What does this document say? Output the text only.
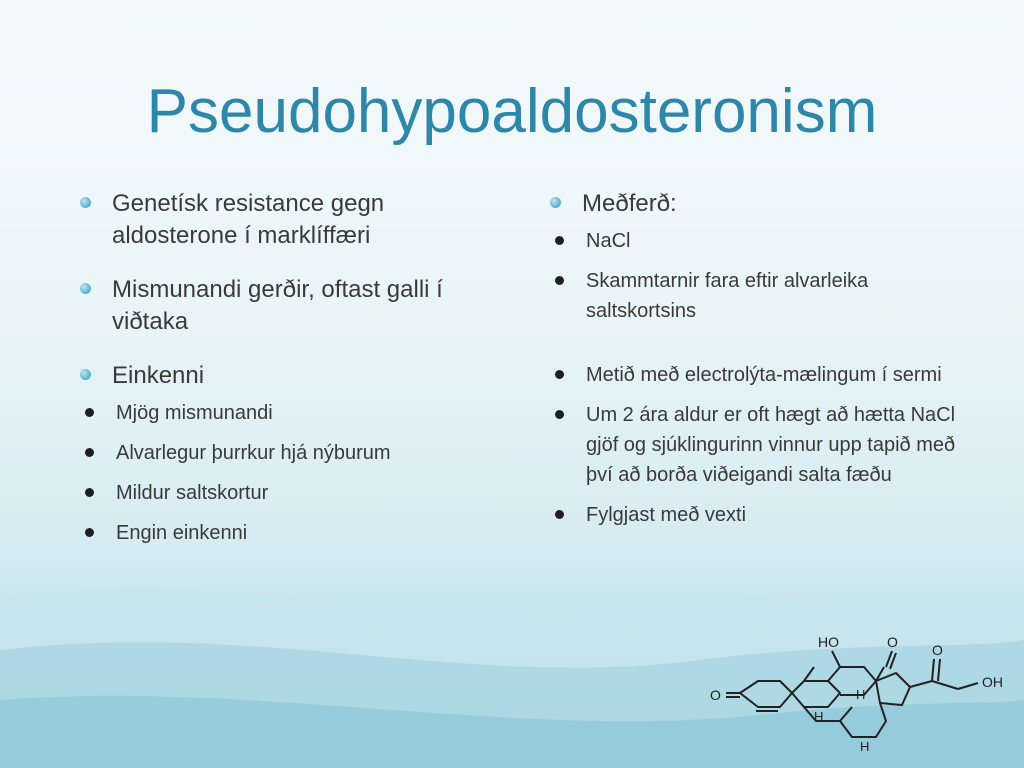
Pseudohypoaldosteronism
Genetísk resistance gegn aldosterone í marklíffæri
Mismunandi gerðir, oftast galli í viðtaka
Einkenni
Mjög mismunandi
Alvarlegur þurrkur hjá nýburum
Mildur saltskortur
Engin einkenni
Meðferð:
NaCl
Skammtarnir fara eftir alvarleika saltskortsins
Metið með electrolýta-mælingum í sermi
Um 2 ára aldur er oft hægt að hætta NaCl gjöf og sjúklingurinn vinnur upp tapið með því að borða viðeigandi salta fæðu
Fylgjast með vexti
O
HO	O O
OH
H
H
H
